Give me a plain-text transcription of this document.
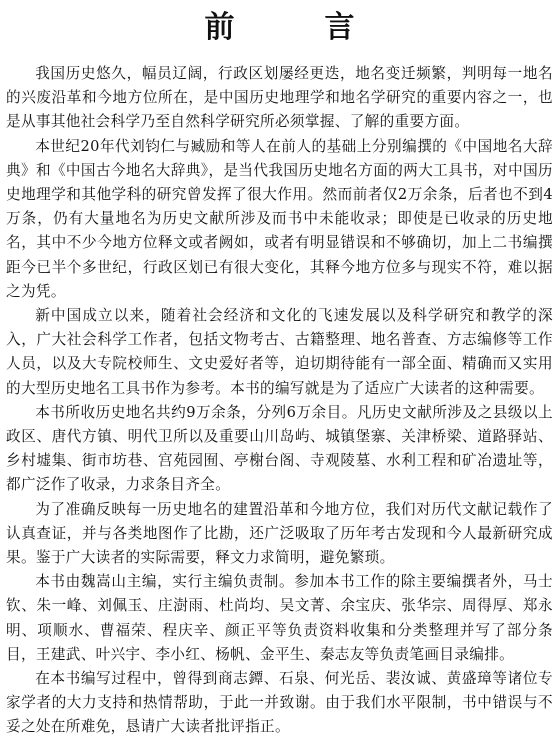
前　言

我国历史悠久，幅员辽阔，行政区划屡经更迭，地名变迁频繁，判明每一地名的兴废沿革和今地方位所在，是中国历史地理学和地名学研究的重要内容之一，也是从事其他社会科学乃至自然科学研究所必须掌握、了解的重要方面。

本世纪20年代刘钧仁与臧励和等人在前人的基础上分别编撰的《中国地名大辞典》和《中国古今地名大辞典》，是当代我国历史地名方面的两大工具书，对中国历史地理学和其他学科的研究曾发挥了很大作用。然而前者仅2万余条，后者也不到4万条，仍有大量地名为历史文献所涉及而书中未能收录；即使是已收录的历史地名，其中不少今地方位释文或者阙如，或者有明显错误和不够确切，加上二书编撰距今已半个多世纪，行政区划已有很大变化，其释今地方位多与现实不符，难以据之为凭。

新中国成立以来，随着社会经济和文化的飞速发展以及科学研究和教学的深入，广大社会科学工作者，包括文物考古、古籍整理、地名普查、方志编修等工作人员，以及大专院校师生、文史爱好者等，迫切期待能有一部全面、精确而又实用的大型历史地名工具书作为参考。本书的编写就是为了适应广大读者的这种需要。

本书所收历史地名共约9万余条，分列6万余目。凡历史文献所涉及之县级以上政区、唐代方镇、明代卫所以及重要山川岛屿、城镇堡寨、关津桥梁、道路驿站、乡村墟集、街市坊巷、宫苑园囿、亭榭台阁、寺观陵墓、水利工程和矿冶遗址等，都广泛作了收录，力求条目齐全。

为了准确反映每一历史地名的建置沿革和今地方位，我们对历代文献记载作了认真查证，并与各类地图作了比勘，还广泛吸取了历年考古发现和今人最新研究成果。鉴于广大读者的实际需要，释文力求简明，避免繁琐。

本书由魏嵩山主编，实行主编负责制。参加本书工作的除主要编撰者外，马士钦、朱一峰、刘佩玉、庄澍雨、杜尚均、吴文菁、余宝庆、张华宗、周得厚、郑永明、项顺水、曹福荣、程庆辛、颜正平等负责资料收集和分类整理并写了部分条目，王建武、叶兴宇、李小红、杨帆、金平生、秦志友等负责笔画目录编排。

在本书编写过程中，曾得到商志鐔、石泉、何光岳、裴汝诚、黄盛璋等诸位专家学者的大力支持和热情帮助，于此一并致谢。由于我们水平限制，书中错误与不妥之处在所难免，恳请广大读者批评指正。
